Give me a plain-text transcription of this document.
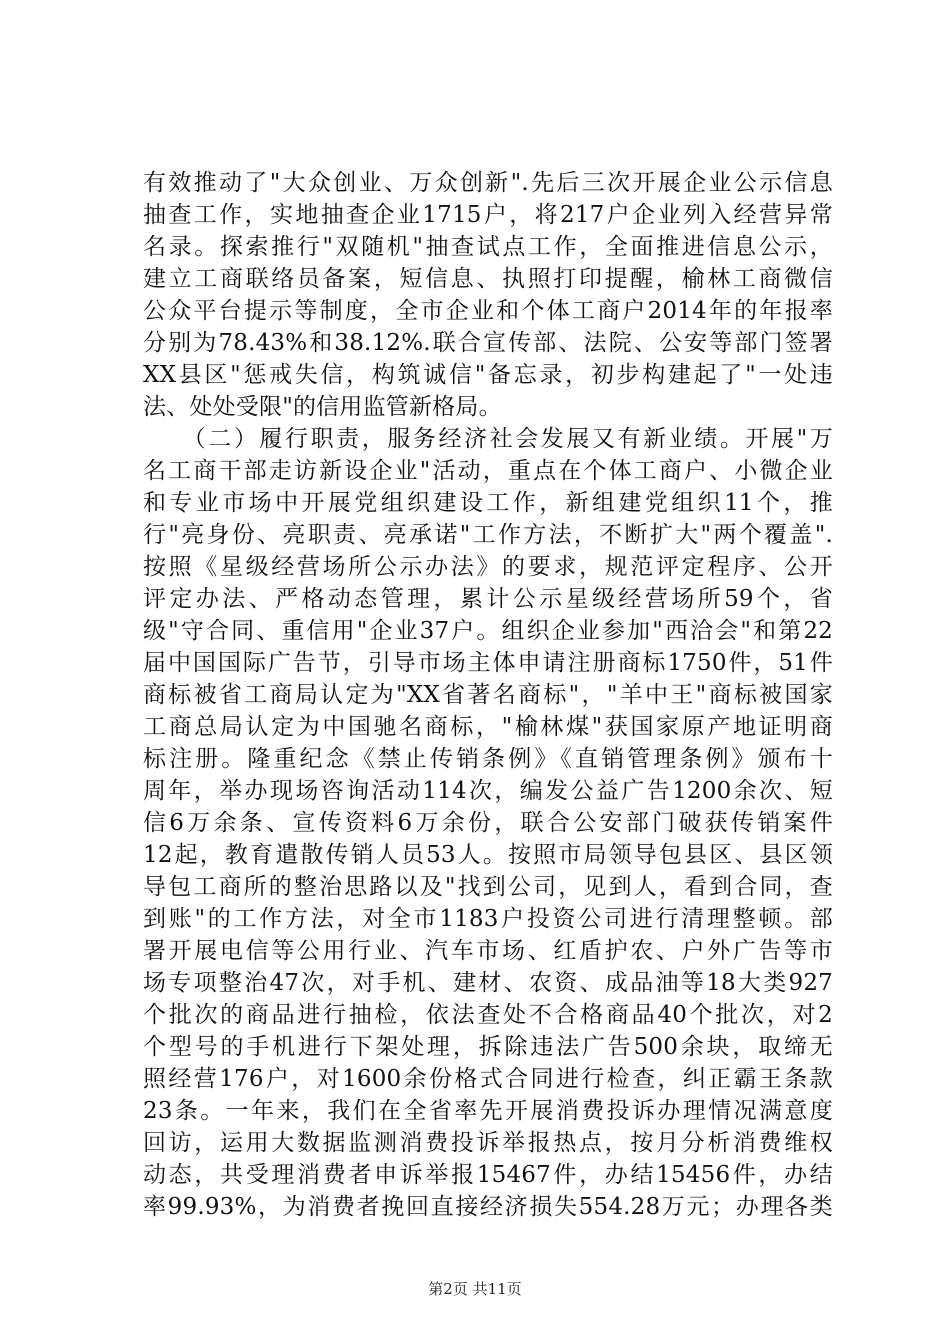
有效推动了"大众创业、万众创新".先后三次开展企业公示信息
抽查工作，实地抽查企业1715户，将217户企业列入经营异常
名录。探索推行"双随机"抽查试点工作，全面推进信息公示，
建立工商联络员备案，短信息、执照打印提醒，榆林工商微信
公众平台提示等制度，全市企业和个体工商户2014年的年报率
分别为78.43%和38.12%.联合宣传部、法院、公安等部门签署
XX县区"惩戒失信，构筑诚信"备忘录，初步构建起了"一处违
法、处处受限"的信用监管新格局。
　　（二）履行职责，服务经济社会发展又有新业绩。开展"万
名工商干部走访新设企业"活动，重点在个体工商户、小微企业
和专业市场中开展党组织建设工作，新组建党组织11个，推
行"亮身份、亮职责、亮承诺"工作方法，不断扩大"两个覆盖".
按照《星级经营场所公示办法》的要求，规范评定程序、公开
评定办法、严格动态管理，累计公示星级经营场所59个，省
级"守合同、重信用"企业37户。组织企业参加"西洽会"和第22
届中国国际广告节，引导市场主体申请注册商标1750件，51件
商标被省工商局认定为"XX省著名商标"，"羊中王"商标被国家
工商总局认定为中国驰名商标，"榆林煤"获国家原产地证明商
标注册。隆重纪念《禁止传销条例》《直销管理条例》颁布十
周年，举办现场咨询活动114次，编发公益广告1200余次、短
信6万余条、宣传资料6万余份，联合公安部门破获传销案件
12起，教育遣散传销人员53人。按照市局领导包县区、县区领
导包工商所的整治思路以及"找到公司，见到人，看到合同，查
到账"的工作方法，对全市1183户投资公司进行清理整顿。部
署开展电信等公用行业、汽车市场、红盾护农、户外广告等市
场专项整治47次，对手机、建材、农资、成品油等18大类927
个批次的商品进行抽检，依法查处不合格商品40个批次，对2
个型号的手机进行下架处理，拆除违法广告500余块，取缔无
照经营176户，对1600余份格式合同进行检查，纠正霸王条款
23条。一年来，我们在全省率先开展消费投诉办理情况满意度
回访，运用大数据监测消费投诉举报热点，按月分析消费维权
动态，共受理消费者申诉举报15467件，办结15456件，办结
率99.93%，为消费者挽回直接经济损失554.28万元；办理各类
第2页 共11页
